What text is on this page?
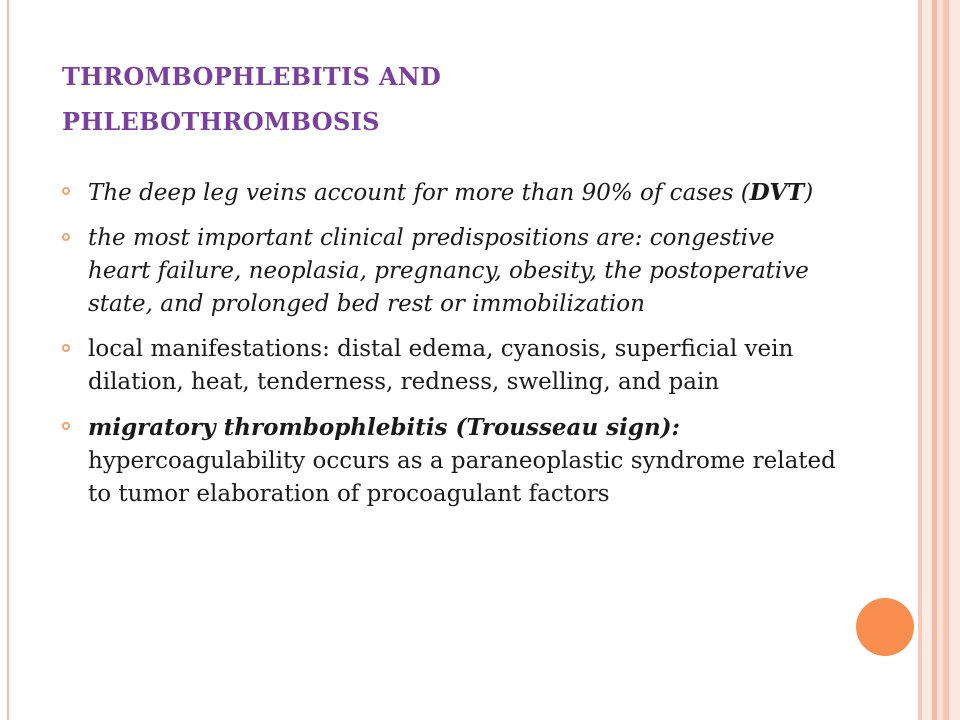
THROMBOPHLEBITIS AND
PHLEBOTHROMBOSIS
The deep leg veins account for more than 90% of cases (DVT)
the most important clinical predispositions are: congestive heart failure, neoplasia, pregnancy, obesity, the postoperative state, and prolonged bed rest or immobilization
local manifestations: distal edema, cyanosis, superficial vein dilation, heat, tenderness, redness, swelling, and pain
migratory thrombophlebitis (Trousseau sign): hypercoagulability occurs as a paraneoplastic syndrome related to tumor elaboration of procoagulant factors
